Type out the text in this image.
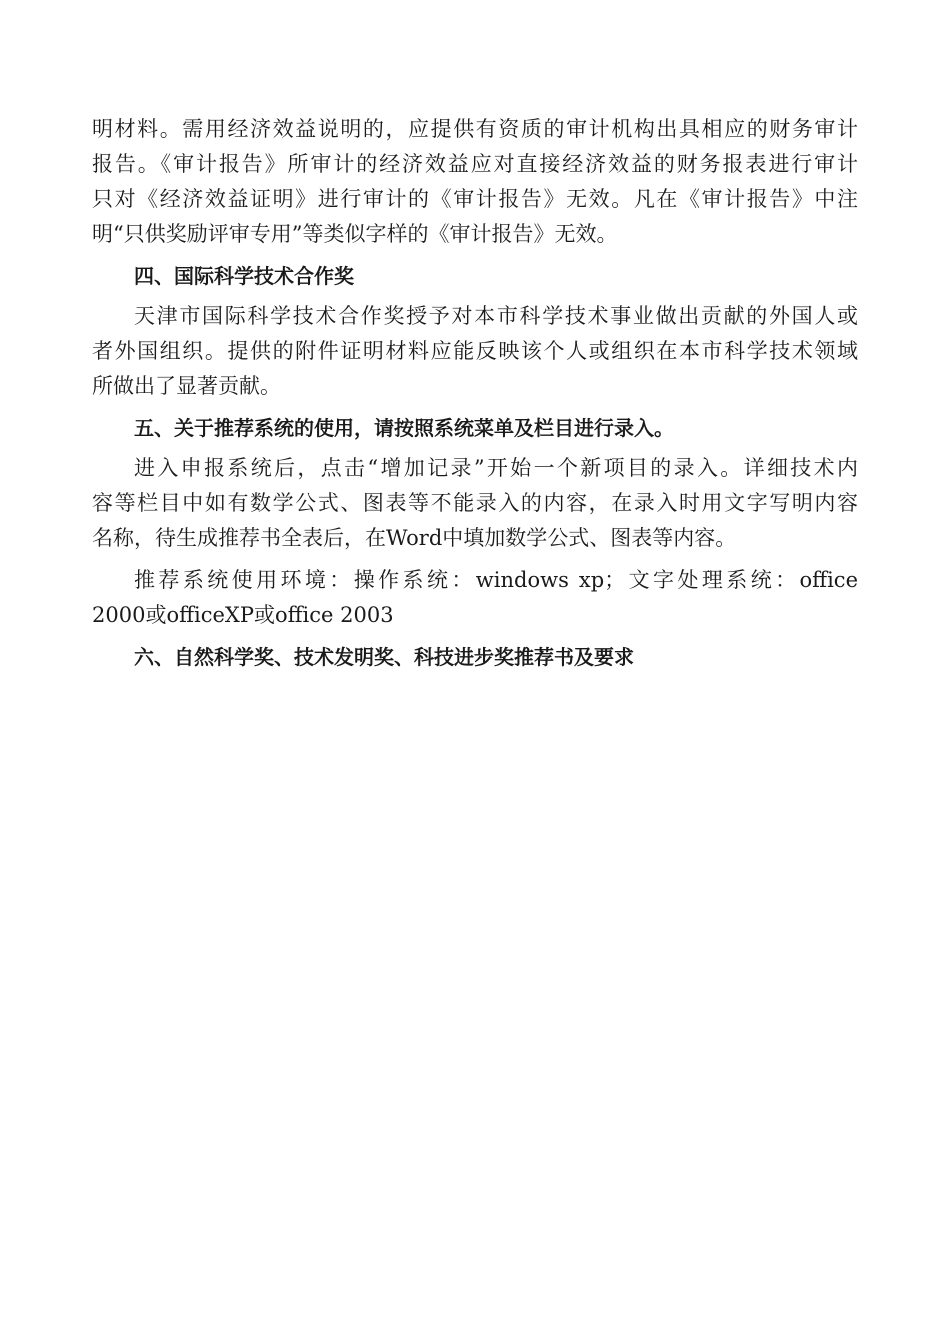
明材料。需用经济效益说明的，应提供有资质的审计机构出具相应的财务审计
报告。《审计报告》所审计的经济效益应对直接经济效益的财务报表进行审计
只对《经济效益证明》进行审计的《审计报告》无效。凡在《审计报告》中注
明“只供奖励评审专用”等类似字样的《审计报告》无效。
四、国际科学技术合作奖
天津市国际科学技术合作奖授予对本市科学技术事业做出贡献的外国人或
者外国组织。提供的附件证明材料应能反映该个人或组织在本市科学技术领域
所做出了显著贡献。
五、关于推荐系统的使用，请按照系统菜单及栏目进行录入。
进入申报系统后，点击“增加记录”开始一个新项目的录入。详细技术内
容等栏目中如有数学公式、图表等不能录入的内容，在录入时用文字写明内容
名称，待生成推荐书全表后，在Word中填加数学公式、图表等内容。
推荐系统使用环境：操作系统：windows xp；文字处理系统：office
2000或officeXP或office 2003
六、自然科学奖、技术发明奖、科技进步奖推荐书及要求
